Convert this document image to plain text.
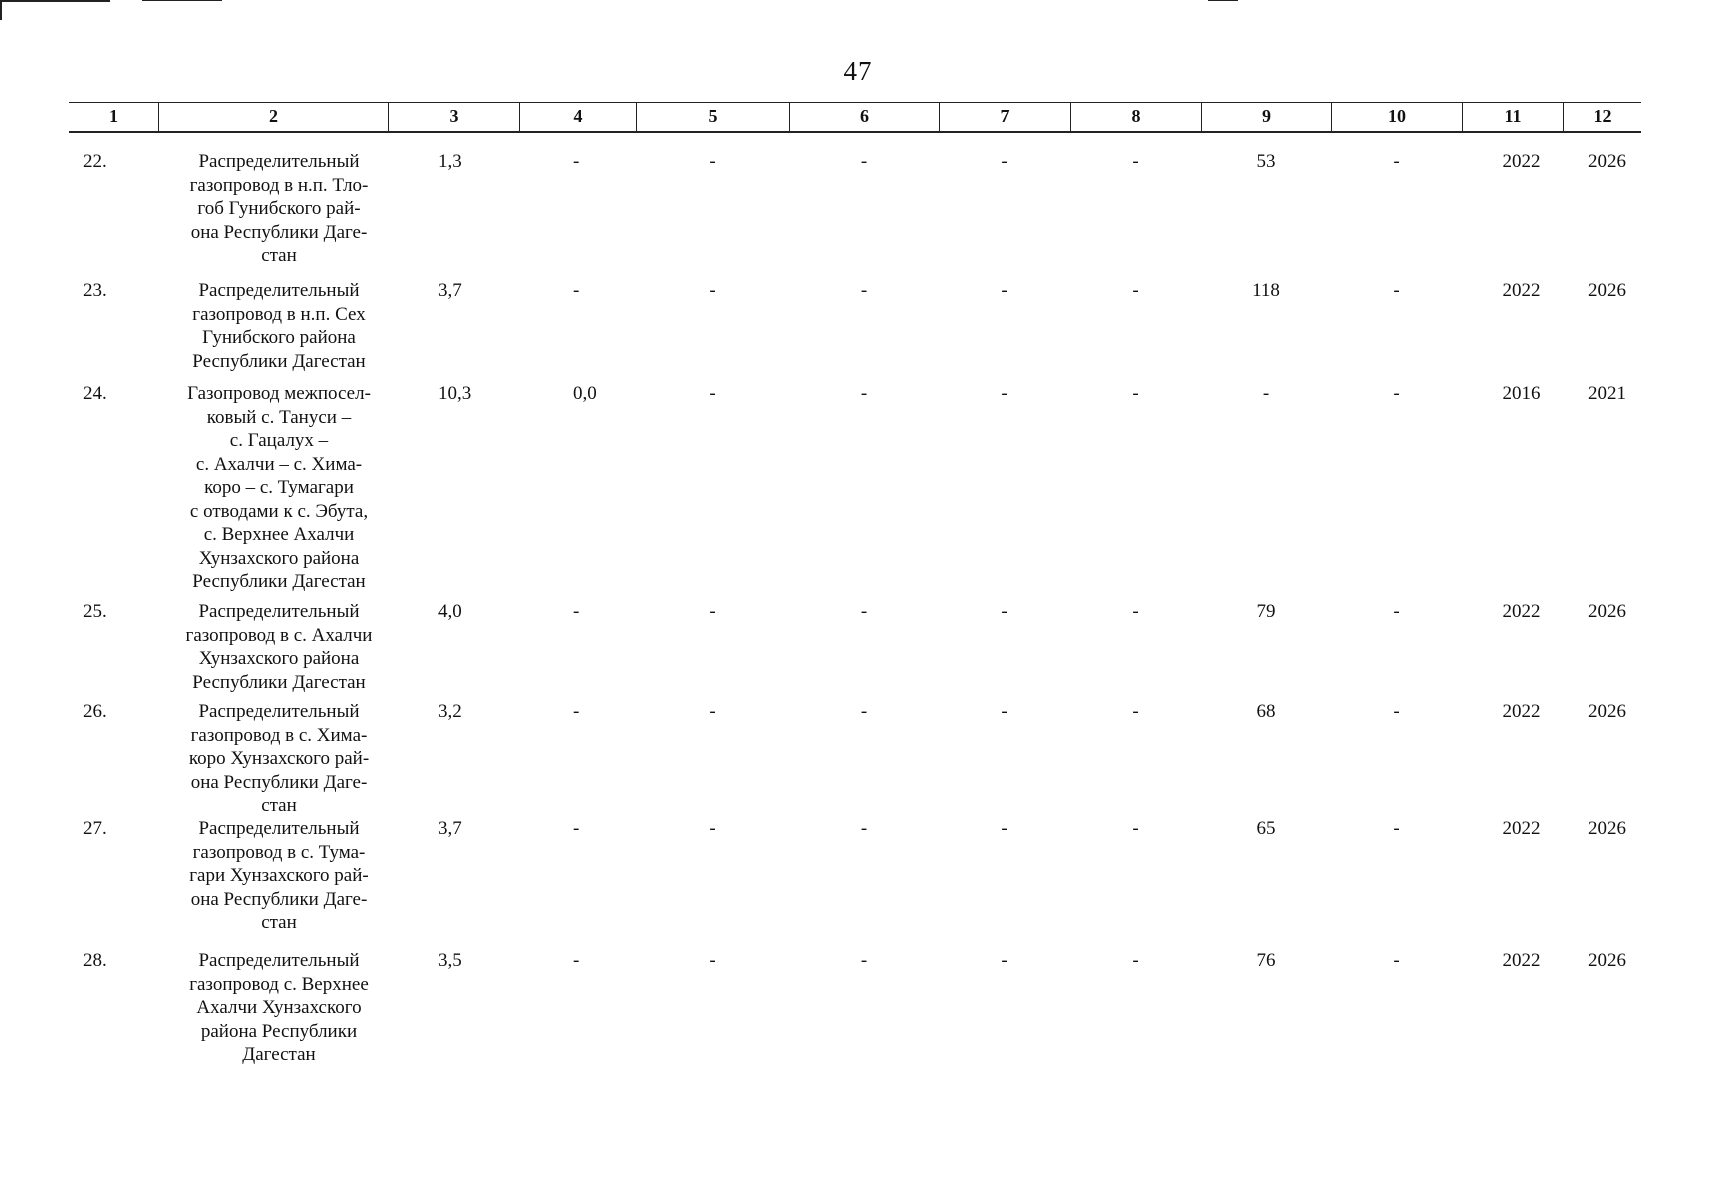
47
1	2	3	4	5	6	7	8	9	10	11	12
22.	Распределительный
газопровод в н.п. Тло-
гоб Гунибского рай-
она Республики Даге-
стан
1,3	-	-	-	-	-	53	-	2022	2026
23.	Распределительный
газопровод в н.п. Сех
Гунибского района
Республики Дагестан
3,7	-	-	-	-	-	118	-	2022	2026
24.	Газопровод межпосел-
ковый с. Тануси –
с. Гацалух –
с. Ахалчи – с. Хима-
коро – с. Тумагари
с отводами к с. Эбута,
с. Верхнее Ахалчи
Хунзахского района
Республики Дагестан
10,3	0,0	-	-	-	-	-	-	2016	2021
25.	Распределительный
газопровод в с. Ахалчи
Хунзахского района
Республики Дагестан
4,0	-	-	-	-	-	79	-	2022	2026
26.	Распределительный
газопровод в с. Хима-
коро Хунзахского рай-
она Республики Даге-
стан
3,2	-	-	-	-	-	68	-	2022	2026
27.	Распределительный
газопровод в с. Тума-
гари Хунзахского рай-
она Республики Даге-
стан
3,7	-	-	-	-	-	65	-	2022	2026
28.	Распределительный
газопровод с. Верхнее
Ахалчи Хунзахского
района Республики
Дагестан
3,5	-	-	-	-	-	76	-	2022	2026
